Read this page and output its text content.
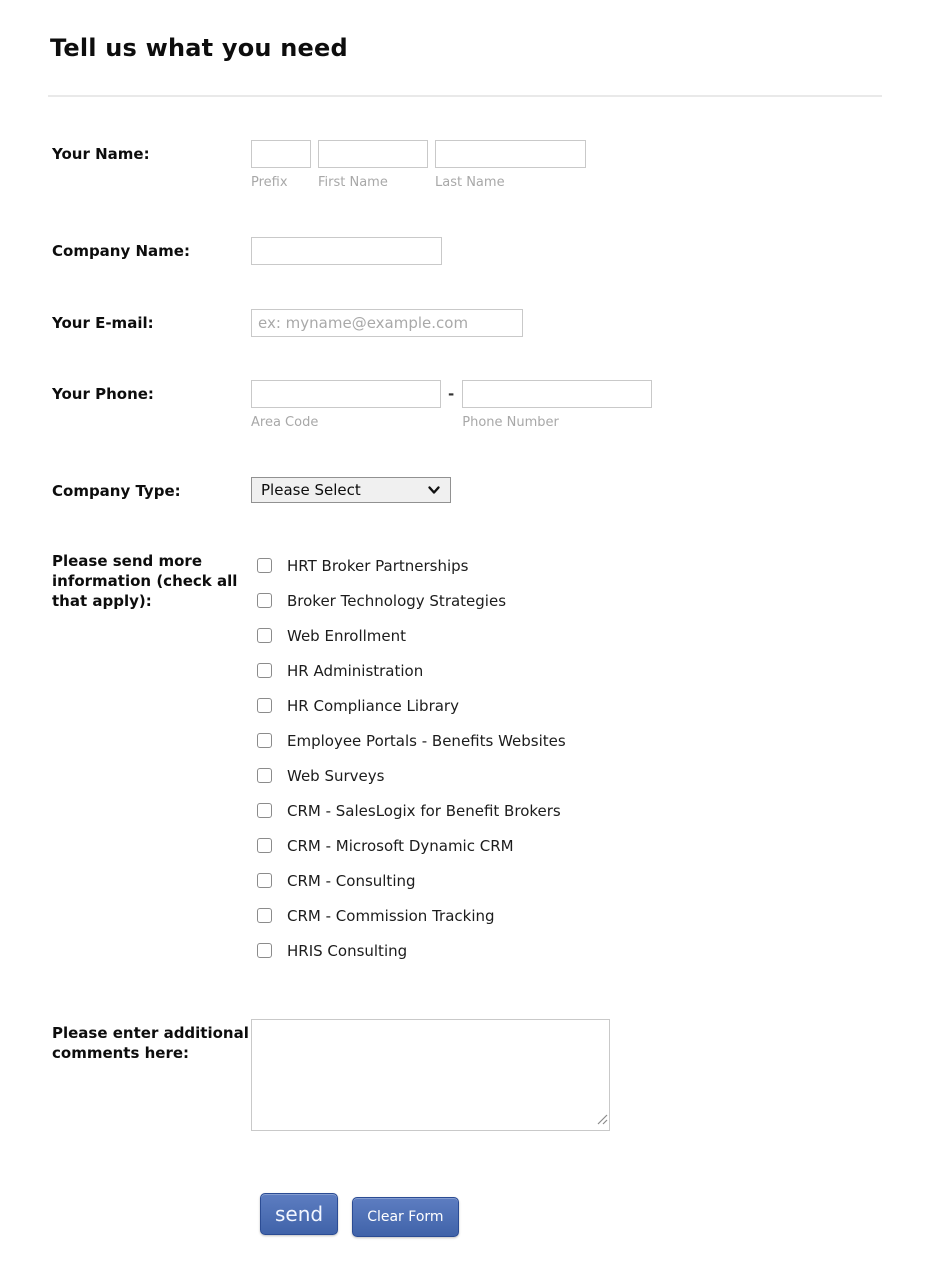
Tell us what you need
Your Name:
Prefix	First Name	Last Name
Company Name:
Your E-mail:
ex: myname@example.com
Your Phone:
Area Code
-
Phone Number
Company Type:	Please Select
Please send more information (check all that apply):
HRT Broker Partnerships
Broker Technology Strategies
Web Enrollment
HR Administration
HR Compliance Library
Employee Portals - Benefits Websites
Web Surveys
CRM - SalesLogix for Benefit Brokers
CRM - Microsoft Dynamic CRM
CRM - Consulting
CRM - Commission Tracking
HRIS Consulting
Please enter additional comments here:
send	Clear Form
